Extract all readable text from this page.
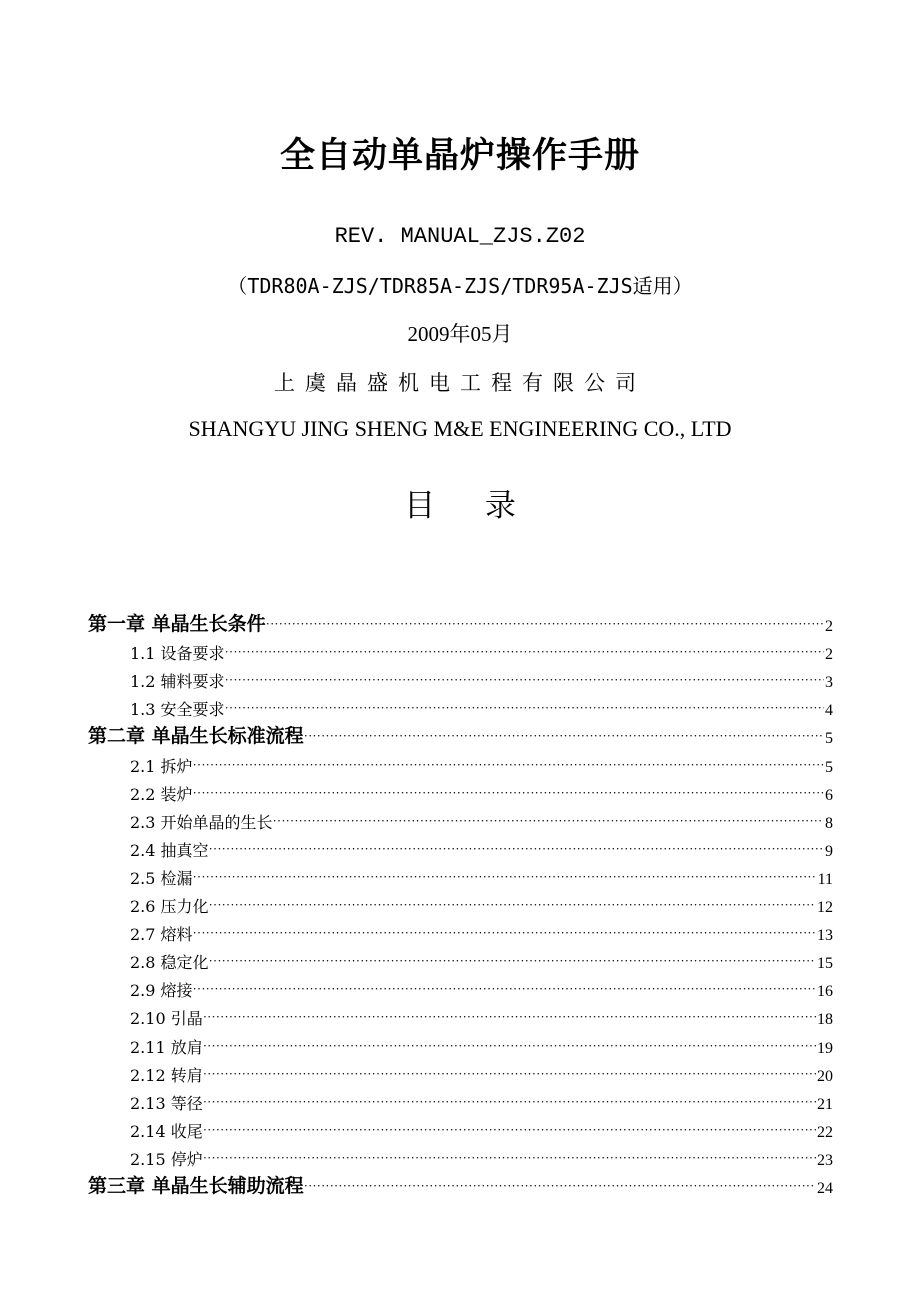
全自动单晶炉操作手册
REV. MANUAL_ZJS.Z02
（TDR80A-ZJS/TDR85A-ZJS/TDR95A-ZJS适用）
2009年05月
上虞晶盛机电工程有限公司
SHANGYU JING SHENG M&E ENGINEERING CO., LTD
目 录
第一章 单晶生长条件 ·····	2
1.1 设备要求 ·····	2
1.2 辅料要求 ·····	3
1.3 安全要求 ·····	4
第二章 单晶生长标准流程 ·····	5
2.1 拆炉 ·····	5
2.2 装炉 ·····	6
2.3 开始单晶的生长 ·····	8
2.4 抽真空 ·····	9
2.5 检漏 ·····	11
2.6 压力化 ·····	12
2.7 熔料 ·····	13
2.8 稳定化 ·····	15
2.9 熔接 ·····	16
2.10 引晶 ·····	18
2.11 放肩 ·····	19
2.12 转肩 ·····	20
2.13 等径 ·····	21
2.14 收尾 ·····	22
2.15 停炉 ·····	23
第三章 单晶生长辅助流程 ·····	24
